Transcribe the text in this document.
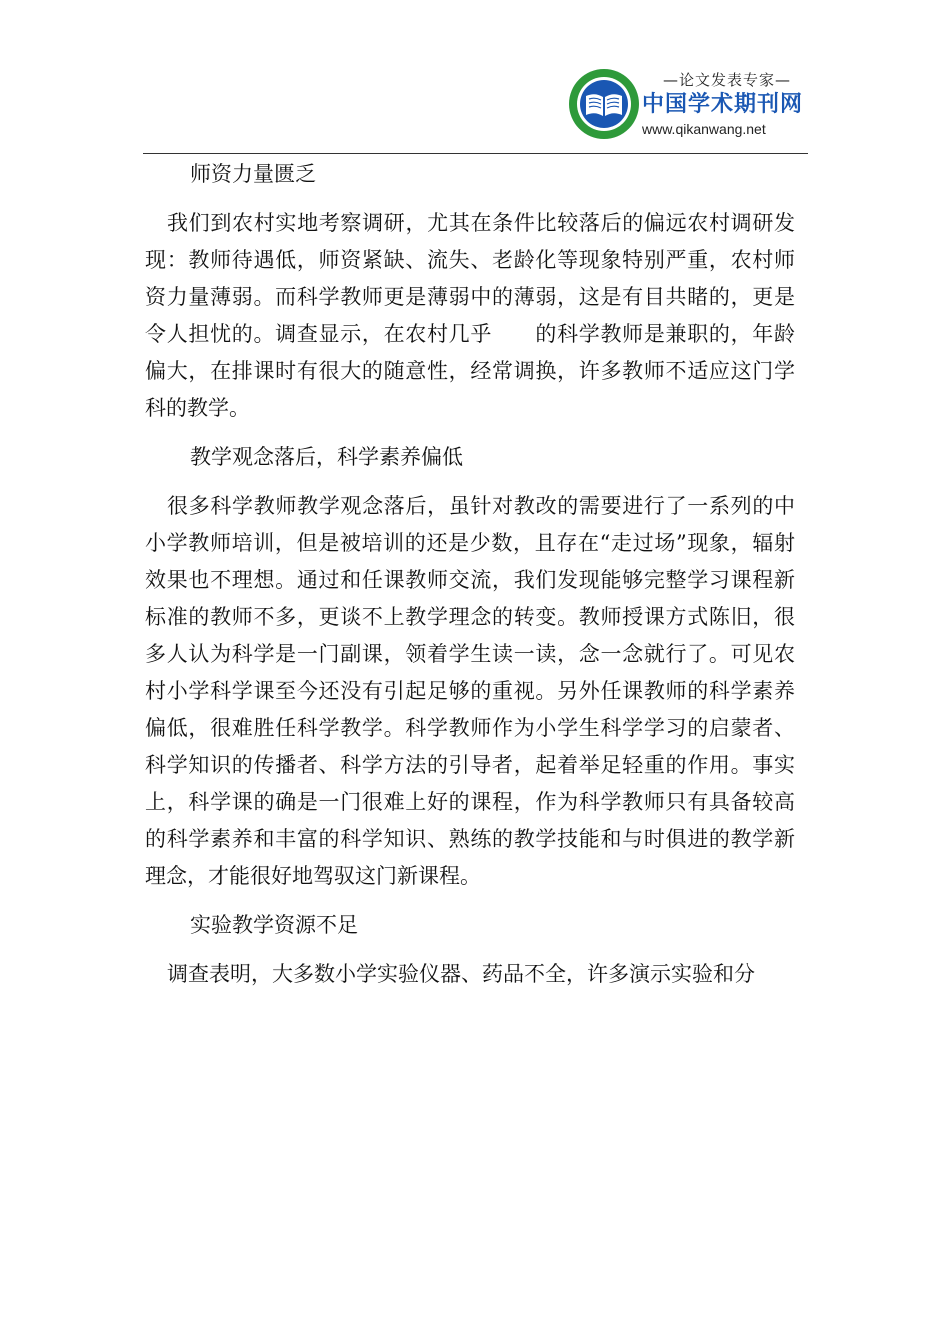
—论文发表专家—
中国学术期刊网
www.qikanwang.net

师资力量匮乏

我们到农村实地考察调研，尤其在条件比较落后的偏远农村调研发现：教师待遇低，师资紧缺、流失、老龄化等现象特别严重，农村师资力量薄弱。而科学教师更是薄弱中的薄弱，这是有目共睹的，更是令人担忧的。调查显示，在农村几乎　　的科学教师是兼职的，年龄偏大，在排课时有很大的随意性，经常调换，许多教师不适应这门学科的教学。

教学观念落后，科学素养偏低

很多科学教师教学观念落后，虽针对教改的需要进行了一系列的中小学教师培训，但是被培训的还是少数，且存在“走过场”现象，辐射效果也不理想。通过和任课教师交流，我们发现能够完整学习课程新标准的教师不多，更谈不上教学理念的转变。教师授课方式陈旧，很多人认为科学是一门副课，领着学生读一读，念一念就行了。可见农村小学科学课至今还没有引起足够的重视。另外任课教师的科学素养偏低，很难胜任科学教学。科学教师作为小学生科学学习的启蒙者、科学知识的传播者、科学方法的引导者，起着举足轻重的作用。事实上，科学课的确是一门很难上好的课程，作为科学教师只有具备较高的科学素养和丰富的科学知识、熟练的教学技能和与时俱进的教学新理念，才能很好地驾驭这门新课程。

实验教学资源不足

调查表明，大多数小学实验仪器、药品不全，许多演示实验和分
